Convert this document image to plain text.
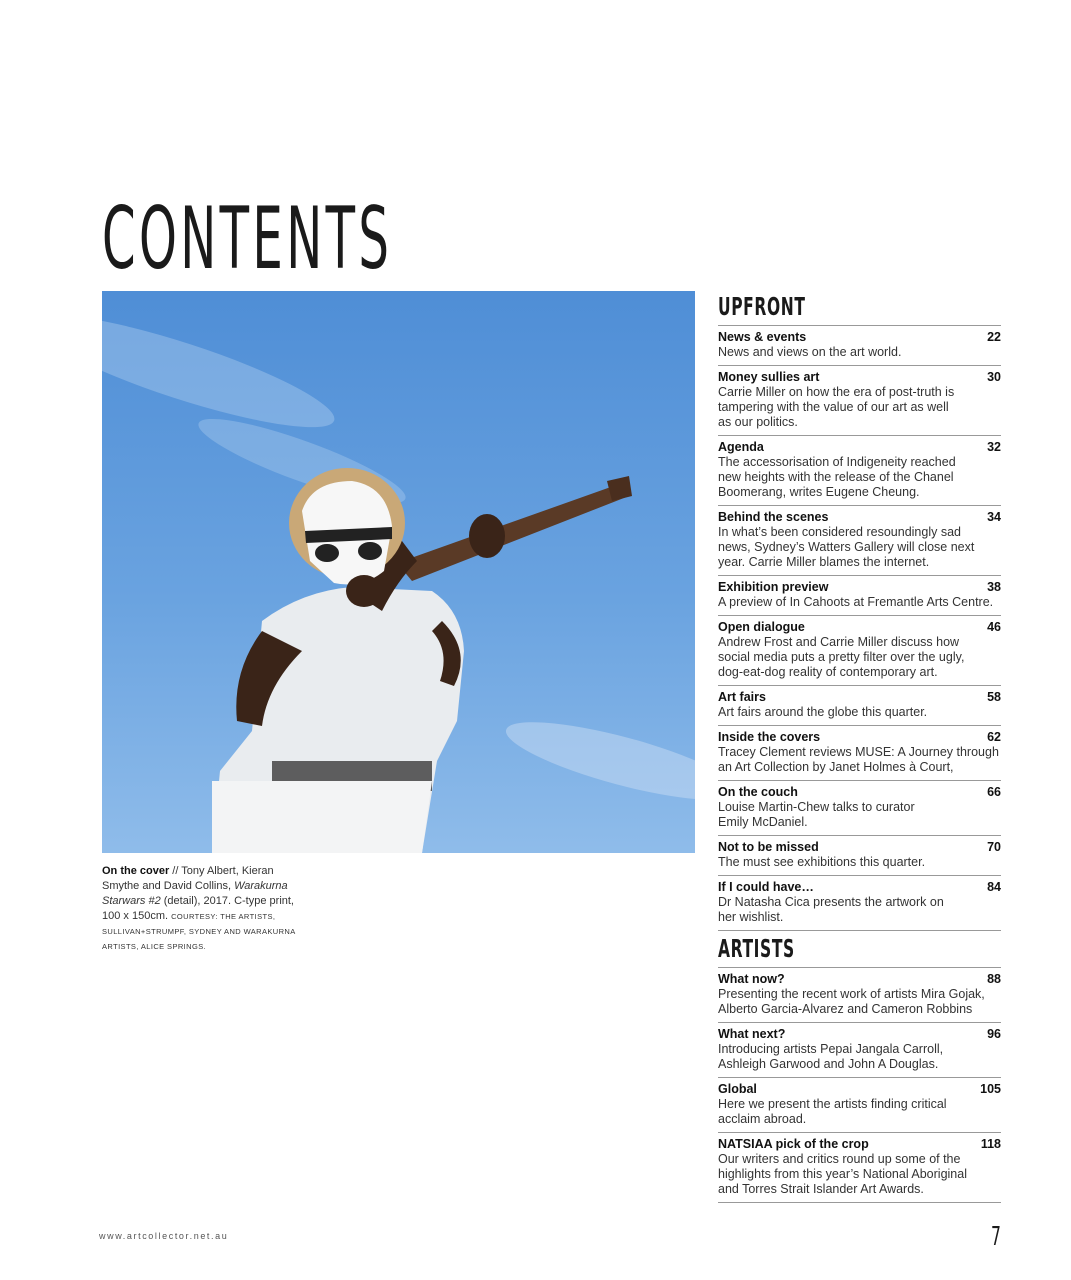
CONTENTS
On the cover // Tony Albert, Kieran Smythe and David Collins, Warakurna Starwars #2 (detail), 2017. C-type print, 100 x 150cm. COURTESY: THE ARTISTS, SULLIVAN+STRUMPF, SYDNEY AND WARAKURNA ARTISTS, ALICE SPRINGS.
UPFRONT
News & events	22

News and views on the art world.

Money sullies art	30

Carrie Miller on how the era of post-truth is
tampering with the value of our art as well
as our politics.

Agenda	32

The accessorisation of Indigeneity reached
new heights with the release of the Chanel
Boomerang, writes Eugene Cheung.

Behind the scenes	34

In what’s been considered resoundingly sad
news, Sydney’s Watters Gallery will close next
year. Carrie Miller blames the internet.

Exhibition preview	38

A preview of In Cahoots at Fremantle Arts Centre.

Open dialogue	46

Andrew Frost and Carrie Miller discuss how
social media puts a pretty filter over the ugly,
dog-eat-dog reality of contemporary art.

Art fairs	58

Art fairs around the globe this quarter.

Inside the covers	62

Tracey Clement reviews MUSE: A Journey through
an Art Collection by Janet Holmes à Court,

On the couch	66

Louise Martin-Chew talks to curator
Emily McDaniel.

Not to be missed	70

The must see exhibitions this quarter.

If I could have…	84

Dr Natasha Cica presents the artwork on
her wishlist.

ARTISTS
What now?	88

Presenting the recent work of artists Mira Gojak,
Alberto Garcia-Alvarez and Cameron Robbins

What next?	96

Introducing artists Pepai Jangala Carroll,
Ashleigh Garwood and John A Douglas.

Global	105

Here we present the artists finding critical
acclaim abroad.

NATSIAA pick of the crop	118

Our writers and critics round up some of the
highlights from this year’s National Aboriginal
and Torres Strait Islander Art Awards.

www.artcollector.net.au	7
